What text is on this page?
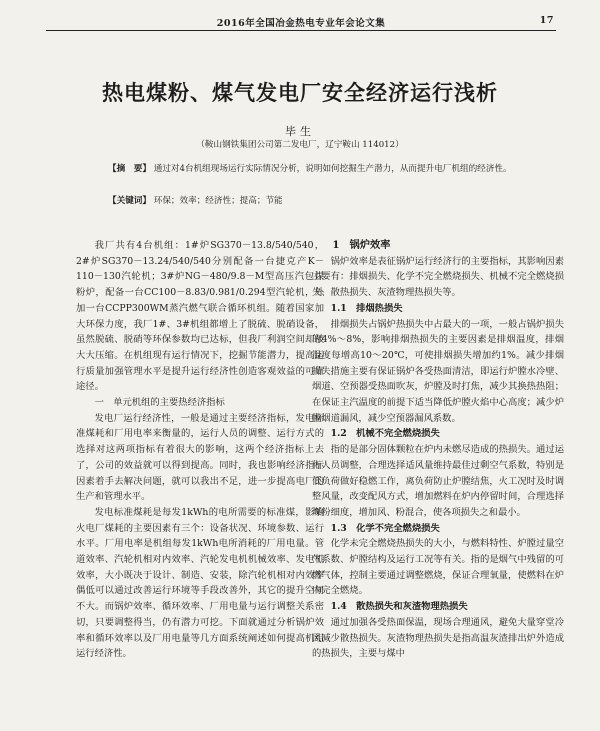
2016年全国冶金热电专业年会论文集	17
热电煤粉、煤气发电厂安全经济运行浅析
毕生
（鞍山钢铁集团公司第二发电厂，辽宁鞍山 114012）
【摘　要】 通过对4台机组现场运行实际情况分析，说明如何挖掘生产潜力，从而提升电厂机组的经济性。
【关键词】 环保；效率；经济性；提高；节能

我厂共有4台机组：1#炉SG370－13.8/540/540，2#炉SG370－13.24/540/540分别配备一台捷克产K－110－130汽轮机；3#炉NG－480/9.8－M型高压汽包煤粉炉，配备一台CC100－8.83/0.981/0.294型汽轮机，外加一台CCPP300WM蒸汽燃气联合循环机组。随着国家加大环保力度，我厂1#、3#机组都增上了脱硫、脱硝设备，虽然脱硫、脱硝等环保参数均已达标，但我厂利润空间却被大大压缩。在机组现有运行情况下，挖掘节能潜力，提高运行质量加强管理水平是提升运行经济性创造客观效益的可靠途径。

一　单元机组的主要热经济指标

发电厂运行经济性，一般是通过主要经济指标，发电标准煤耗和厂用电率来衡量的，运行人员的调整、运行方式的选择对这两项指标有着很大的影响，这两个经济指标上去了，公司的效益就可以得到提高。同时，我也影响经济指标因素着手去解决问题，就可以我出不足，进一步提高电厂的生产和管理水平。

发电标准煤耗是每发1kWh的电所需要的标准煤，影响火电厂煤耗的主要因素有三个：设备状况、环境参数、运行水平。厂用电率是机组每发1kWh电所消耗的厂用电量。管道效率、汽轮机相对内效率、汽轮发电机机械效率、发电机效率，大小既决于设计、制造、安装，除汽轮机相对内效率偶低可以通过改善运行环境等手段改善外，其它的提升空间不大。而锅炉效率、循环效率、厂用电量与运行调整关系密切，只要调整得当，仍有潜力可挖。下面就通过分析锅炉效率和循环效率以及厂用电量等几方面系统阐述如何提高机组运行经济性。

1　锅炉效率

锅炉效率是表征锅炉运行经济行的主要指标，其影响因素主要有：排烟损失、化学不完全燃烧损失、机械不完全燃烧损失、散热损失、灰渣物理热损失等。

1.1　排烟热损失

排烟损失占锅炉热损失中占最大的一项，一般占锅炉损失的4%～8%，影响排烟热损失的主要因素是排烟温度，排烟温度每增高10～20℃，可使排烟损失增加约1%。减少排烟损失措施主要有保证锅炉各受热面清洁，即运行炉膛水冷壁、烟道、空预器受热面吹灰，炉膛及时打焦，减少其换热热阻；在保证主汽温度的前提下适当降低炉膛火焰中心高度；减少炉膛烟道漏风，减少空预器漏风系数。

1.2　机械不完全燃烧损失

指的是部分固体颗粒在炉内未燃尽造成的热损失。通过运行人员调整，合理选择适风量维持最佳过剩空气系数，特别是低负荷做好稳燃工作，离负荷防止炉膛结焦，火工况时及时调整风量，改变配风方式，增加燃料在炉内停留时间，合理选择煤粉细度，增加风、粉混合，使各项损失之和最小。

1.3　化学不完全燃烧损失

化学未完全燃烧热损失的大小，与燃料特性、炉膛过量空气系数、炉膛结构及运行工况等有关。指的是烟气中残留的可燃气体，控制主要通过调整燃烧，保证合理氧量，使燃料在炉内完全燃烧。

1.4　散热损失和灰渣物理热损失

通过加强各受热面保温，现场合理通风，避免大量穿堂冷风减少散热损失。灰渣物理热损失是指高温灰渣排出炉外造成的热损失，主要与煤中
